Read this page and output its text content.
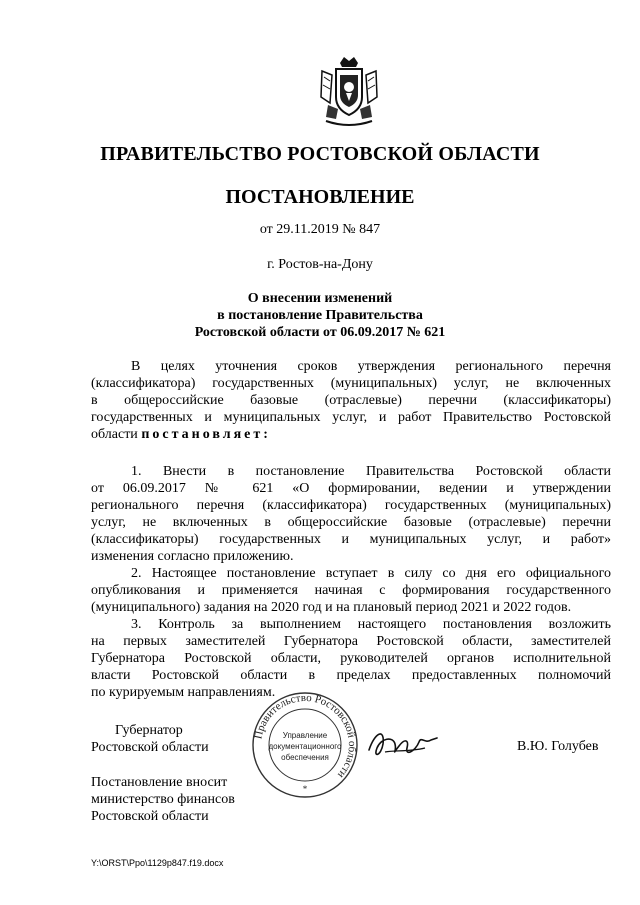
ПРАВИТЕЛЬСТВО РОСТОВСКОЙ ОБЛАСТИ
ПОСТАНОВЛЕНИЕ
от 29.11.2019 № 847
г. Ростов-на-Дону
О внесении изменений
в постановление Правительства
Ростовской области от 06.09.2017 № 621
В целях уточнения сроков утверждения регионального перечня
(классификатора) государственных (муниципальных) услуг, не включенных
в общероссийские базовые (отраслевые) перечни (классификаторы)
государственных и муниципальных услуг, и работ Правительство Ростовской
области постановляет:
1. Внести в постановление Правительства Ростовской области
от 06.09.2017 № 621 «О формировании, ведении и утверждении
регионального перечня (классификатора) государственных (муниципальных)
услуг, не включенных в общероссийские базовые (отраслевые) перечни
(классификаторы) государственных и муниципальных услуг, и работ»
изменения согласно приложению.
2. Настоящее постановление вступает в силу со дня его официального
опубликования и применяется начиная с формирования государственного
(муниципального) задания на 2020 год и на плановый период 2021 и 2022 годов.
3. Контроль за выполнением настоящего постановления возложить
на первых заместителей Губернатора Ростовской области, заместителей
Губернатора Ростовской области, руководителей органов исполнительной
власти Ростовской области в пределах предоставленных полномочий
по курируемым направлениям.
Губернатор
Ростовской области
Правительство Ростовской области
Управление
документационного
обеспечения
*
В.Ю. Голубев
Постановление вносит
министерство финансов
Ростовской области
Y:\ORST\Ppo\1129p847.f19.docx
